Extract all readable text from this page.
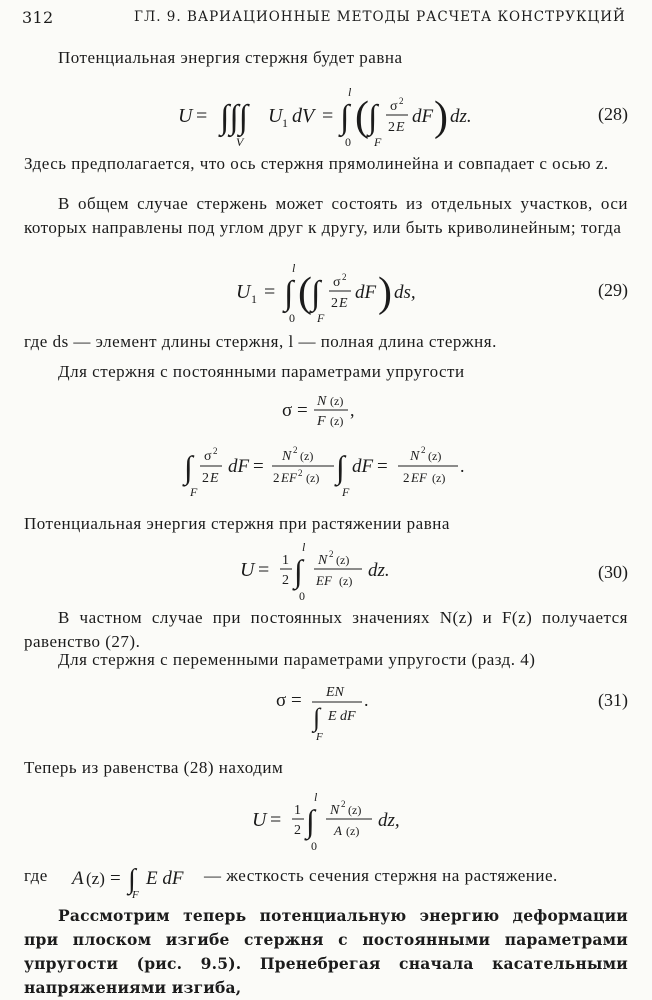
312	ГЛ. 9. ВАРИАЦИОННЫЕ МЕТОДЫ РАСЧЕТА КОНСТРУКЦИЙ
Потенциальная энергия стержня будет равна
U = ∫∫∫
V
U 1 dV = ∫
l
0
( ∫
F
σ 2
2 E
dF ) dz.	(28)
Здесь предполагается, что ось стержня прямолинейна и совпадает с осью z.
В общем случае стержень может состоять из отдельных участков, оси которых направлены под углом друг к другу, или быть криволинейным; тогда
U 1 = ∫
l
0
( ∫
F
σ 2
2 E
dF ) ds,	(29)
где ds — элемент длины стержня, l — полная длина стержня.
Для стержня с постоянными параметрами упругости
σ = N (z)
F (z)
,
∫
F
σ 2
2 E
dF = N 2 (z)
2 EF 2 (z) ∫
F
dF = N 2 (z)
2 EF (z)
.
Потенциальная энергия стержня при растяжении равна
U = 1
2 ∫
l
0
N 2 (z)
EF (z) dz.	(30)
В частном случае при постоянных значениях N(z) и F(z) получается равенство (27).
Для стержня с переменными параметрами упругости (разд. 4)
σ = EN
∫
F
E dF
.	(31)
Теперь из равенства (28) находим
U = 1
2 ∫
l
0
N 2 (z)
A (z) dz,
где A (z) = ∫
F
E dF — жесткость сечения стержня на растяжение.
Рассмотрим теперь потенциальную энергию деформации при плоском изгибе стержня с постоянными параметрами упругости (рис. 9.5). Пренебрегая сначала касательными напряжениями изгиба,
